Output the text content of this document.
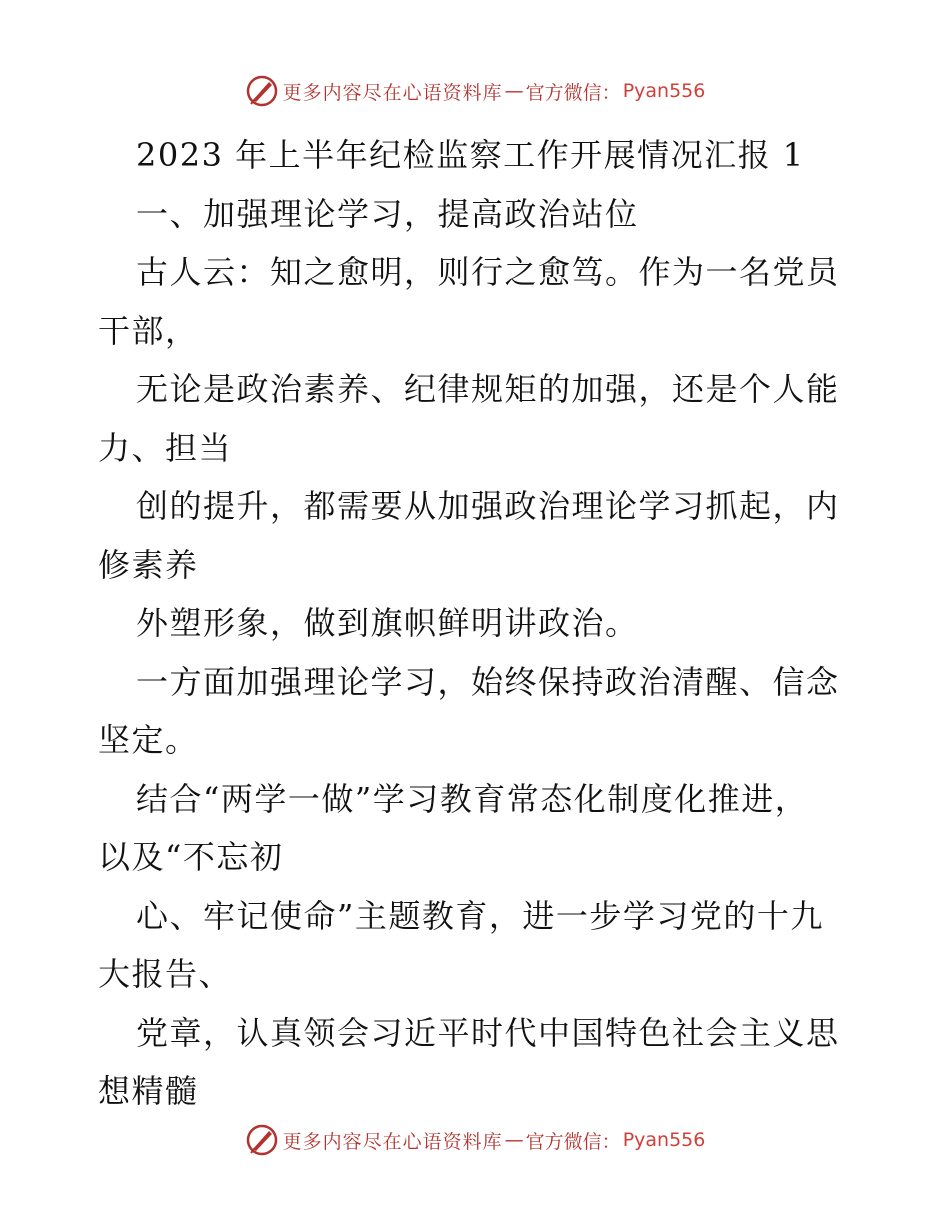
更多内容尽在心语资料库 — 官方微信： Pyan556
2023 年上半年纪检监察工作开展情况汇报 1
一、加强理论学习，提高政治站位
古人云：知之愈明，则行之愈笃。作为一名党员
干部，
无论是政治素养、纪律规矩的加强，还是个人能
力、担当
创的提升，都需要从加强政治理论学习抓起，内
修素养
外塑形象，做到旗帜鲜明讲政治。
一方面加强理论学习，始终保持政治清醒、信念
坚定。
结合“两学一做”学习教育常态化制度化推进，
以及“不忘初
心、牢记使命”主题教育，进一步学习党的十九
大报告、
党章，认真领会习近平时代中国特色社会主义思
想精髓
更多内容尽在心语资料库 — 官方微信： Pyan556
